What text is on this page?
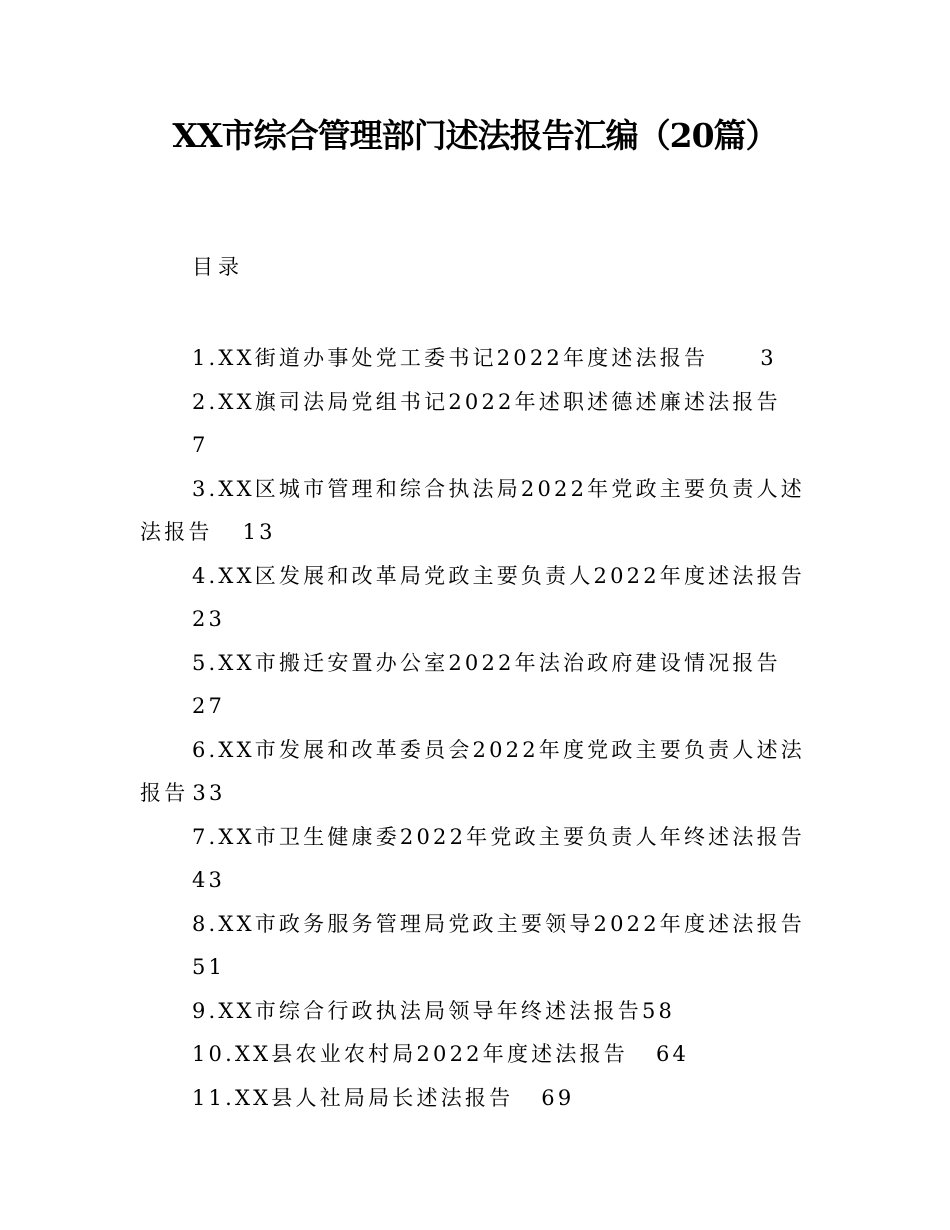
XX市综合管理部门述法报告汇编（20篇）
目录
1.XX街道办事处党工委书记2022年度述法报告 3
2.XX旗司法局党组书记2022年述职述德述廉述法报告
7
3.XX区城市管理和综合执法局2022年党政主要负责人述法报告 13
4.XX区发展和改革局党政主要负责人2022年度述法报告
23
5.XX市搬迁安置办公室2022年法治政府建设情况报告
27
6.XX市发展和改革委员会2022年度党政主要负责人述法报告 33
7.XX市卫生健康委2022年党政主要负责人年终述法报告
43
8.XX市政务服务管理局党政主要领导2022年度述法报告
51
9.XX市综合行政执法局领导年终述法报告58
10.XX县农业农村局2022年度述法报告 64
11.XX县人社局局长述法报告 69
